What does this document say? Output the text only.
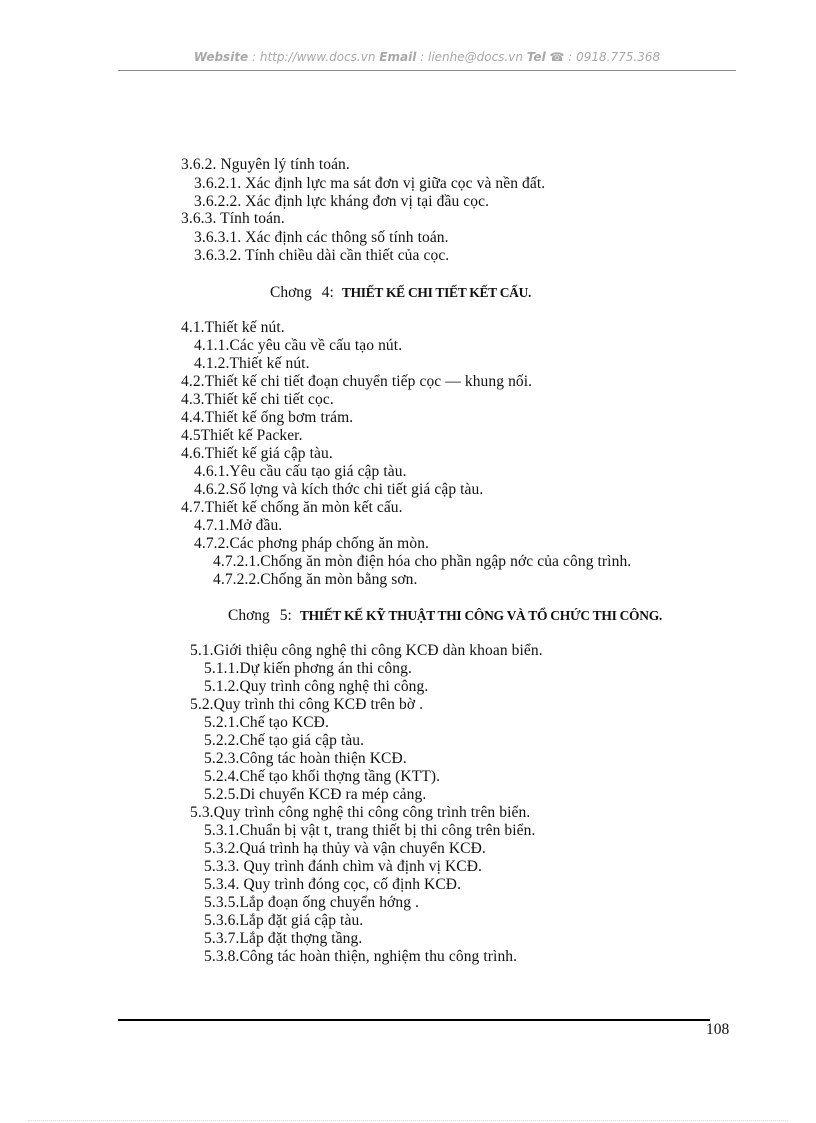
Website : http://www.docs.vn Email : lienhe@docs.vn Tel ☎ : 0918.775.368
3.6.2. Nguyên lý tính toán.
3.6.2.1. Xác định lực ma sát đơn vị giữa cọc và nền đất.
3.6.2.2. Xác định lực kháng đơn vị tại đầu cọc.
3.6.3. Tính toán.
3.6.3.1. Xác định các thông số tính toán.
3.6.3.2. Tính chiều dài cần thiết của cọc.
Chơng 4: THIẾT KẾ CHI TIẾT KẾT CẤU.
4.1.Thiết kế nút.
4.1.1.Các yêu cầu về cấu tạo nút.
4.1.2.Thiết kế nút.
4.2.Thiết kế chi tiết đoạn chuyển tiếp cọc — khung nối.
4.3.Thiết kế chi tiết cọc.
4.4.Thiết kế ống bơm trám.
4.5Thiết kế Packer.
4.6.Thiết kế giá cập tàu.
4.6.1.Yêu cầu cấu tạo giá cập tàu.
4.6.2.Số lợng và kích thớc chi tiết giá cập tàu.
4.7.Thiết kế chống ăn mòn kết cấu.
4.7.1.Mở đầu.
4.7.2.Các phơng pháp chống ăn mòn.
4.7.2.1.Chống ăn mòn điện hóa cho phần ngập nớc của công trình.
4.7.2.2.Chống ăn mòn bằng sơn.
Chơng 5: THIẾT KẾ KỸ THUẬT THI CÔNG VÀ TỔ CHỨC THI CÔNG.
5.1.Giới thiệu công nghệ thi công KCĐ dàn khoan biển.
5.1.1.Dự kiến phơng án thi công.
5.1.2.Quy trình công nghệ thi công.
5.2.Quy trình thi công KCĐ trên bờ .
5.2.1.Chế tạo KCĐ.
5.2.2.Chế tạo giá cập tàu.
5.2.3.Công tác hoàn thiện KCĐ.
5.2.4.Chế tạo khối thợng tầng (KTT).
5.2.5.Di chuyển KCĐ ra mép cảng.
5.3.Quy trình công nghệ thi công công trình trên biển.
5.3.1.Chuẩn bị vật t, trang thiết bị thi công trên biển.
5.3.2.Quá trình hạ thủy và vận chuyển KCĐ.
5.3.3. Quy trình đánh chìm và định vị KCĐ.
5.3.4. Quy trình đóng cọc, cố định KCĐ.
5.3.5.Lắp đoạn ống chuyển hớng .
5.3.6.Lắp đặt giá cập tàu.
5.3.7.Lắp đặt thợng tầng.
5.3.8.Công tác hoàn thiện, nghiệm thu công trình.
108
